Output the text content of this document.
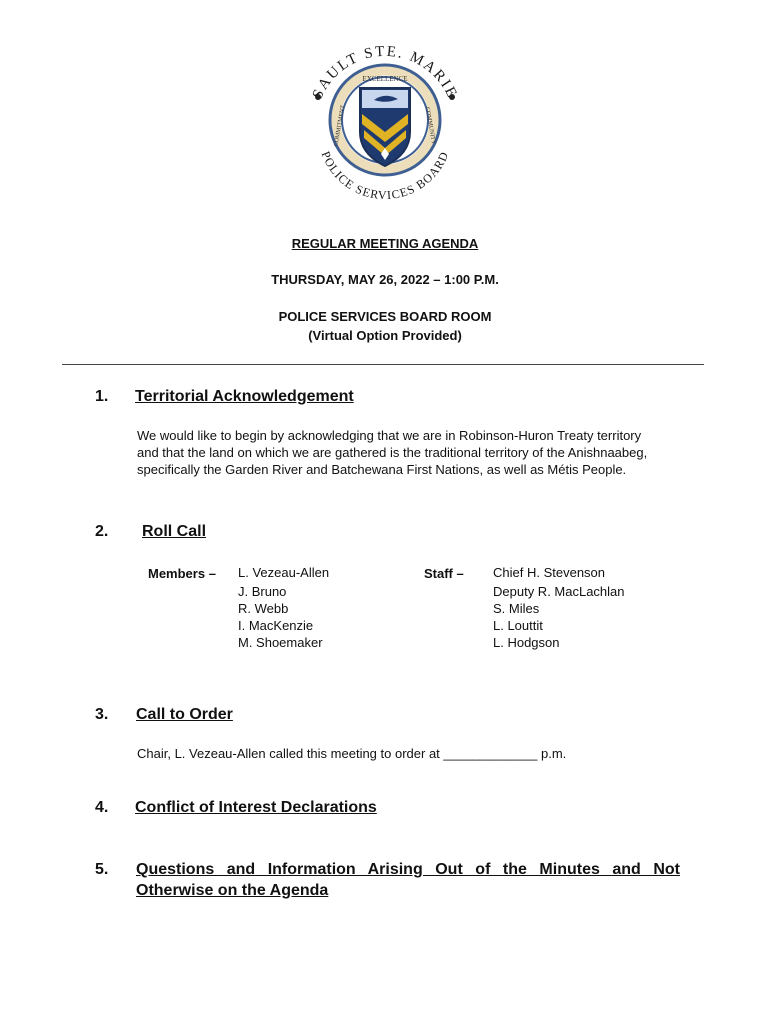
SAULT STE. MARIE
POLICE SERVICES BOARD
EXCELLENCE
COMMUNITY
COMMITMENT
REGULAR MEETING AGENDA
THURSDAY, MAY 26, 2022 – 1:00 P.M.
POLICE SERVICES BOARD ROOM
(Virtual Option Provided)
1. Territorial Acknowledgement
We would like to begin by acknowledging that we are in Robinson-Huron Treaty territory
and that the land on which we are gathered is the traditional territory of the Anishnaabeg,
specifically the Garden River and Batchewana First Nations, as well as Métis People.
2. Roll Call
Members – L. Vezeau-Allen
J. Bruno
R. Webb
I. MacKenzie
M. Shoemaker
Staff – Chief H. Stevenson
Deputy R. MacLachlan
S. Miles
L. Louttit
L. Hodgson
3. Call to Order
Chair, L. Vezeau-Allen called this meeting to order at _____________ p.m.
4. Conflict of Interest Declarations
5. Questions and Information Arising Out of the Minutes and Not
Otherwise on the Agenda
